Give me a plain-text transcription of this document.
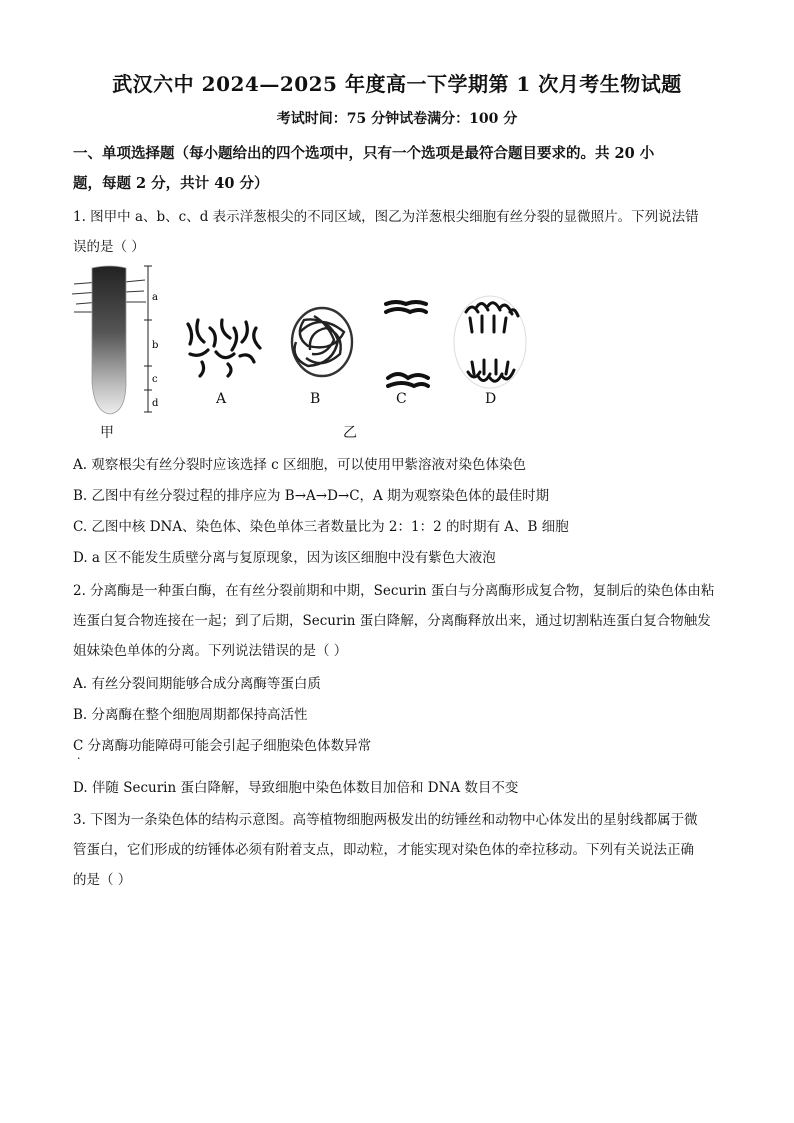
武汉六中 2024—2025 年度高一下学期第 1 次月考生物试题
考试时间：75 分钟试卷满分：100 分
一、单项选择题（每小题给出的四个选项中，只有一个选项是最符合题目要求的。共 20 小
题，每题 2 分，共计 40 分）
1. 图甲中 a、b、c、d 表示洋葱根尖的不同区域，图乙为洋葱根尖细胞有丝分裂的显微照片。下列说法错
误的是（ ）
a
b
c
d	A	B	C	D
甲	乙
A. 观察根尖有丝分裂时应该选择 c 区细胞，可以使用甲紫溶液对染色体染色
B. 乙图中有丝分裂过程的排序应为 B→A→D→C，A 期为观察染色体的最佳时期
C. 乙图中核 DNA、染色体、染色单体三者数量比为 2：1：2 的时期有 A、B 细胞
D. a 区不能发生质壁分离与复原现象，因为该区细胞中没有紫色大液泡
2. 分离酶是一种蛋白酶，在有丝分裂前期和中期，Securin 蛋白与分离酶形成复合物，复制后的染色体由粘
连蛋白复合物连接在一起；到了后期，Securin 蛋白降解，分离酶释放出来，通过切割粘连蛋白复合物触发
姐妹染色单体的分离。下列说法错误的是（ ）
A. 有丝分裂间期能够合成分离酶等蛋白质
B. 分离酶在整个细胞周期都保持高活性
C 分离酶功能障碍可能会引起子细胞染色体数异常
·
D. 伴随 Securin 蛋白降解，导致细胞中染色体数目加倍和 DNA 数目不变
3. 下图为一条染色体的结构示意图。高等植物细胞两极发出的纺锤丝和动物中心体发出的星射线都属于微
管蛋白，它们形成的纺锤体必须有附着支点，即动粒，才能实现对染色体的牵拉移动。下列有关说法正确
的是（ ）
